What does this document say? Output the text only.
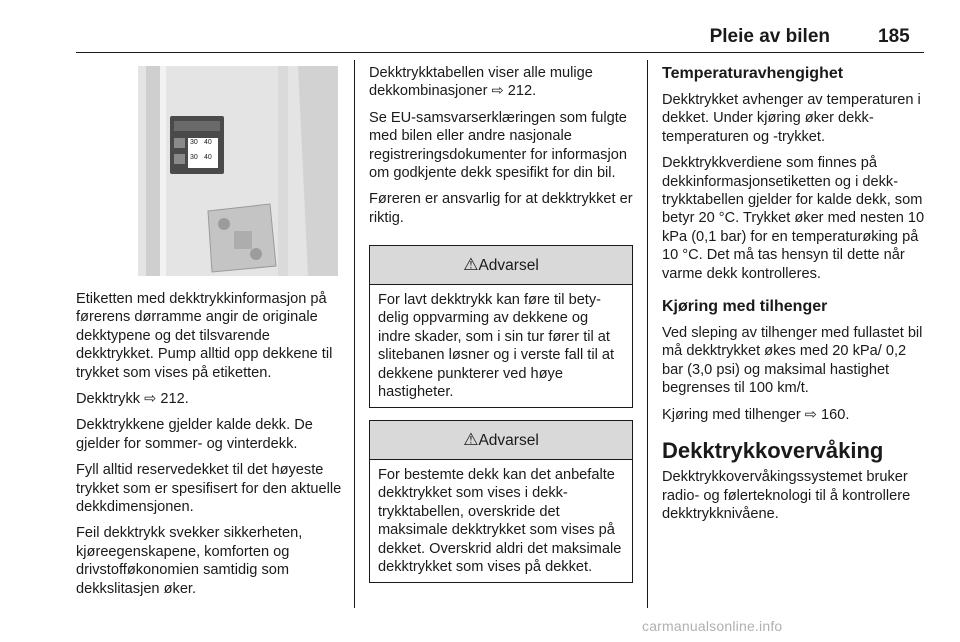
Pleie av bilen	185
30 40
30 40

Etiketten med dekktrykkinformasjon på førerens dørramme angir de originale dekktypene og det tilsvarende dekktrykket. Pump alltid opp dekkene til trykket som vises på etiketten.

Dekktrykk ⇨ 212.

Dekktrykkene gjelder kalde dekk. De gjelder for sommer- og vinterdekk.

Fyll alltid reservedekket til det høyeste trykket som er spesifisert for den aktuelle dekkdimensjonen.

Feil dekktrykk svekker sikkerheten, kjøreegenskapene, komforten og drivstofføkonomien samtidig som dekkslitasjen øker.

Dekktrykktabellen viser alle mulige dekkombinasjoner ⇨ 212.

Se EU-samsvarserklæringen som fulgte med bilen eller andre nasjonale registreringsdokumenter for informasjon om godkjente dekk spesifikt for din bil.

Føreren er ansvarlig for at dekktrykket er riktig.

⚠Advarsel
For lavt dekktrykk kan føre til betydelig oppvarming av dekkene og indre skader, som i sin tur fører til at slitebanen løsner og i verste fall til at dekkene punkterer ved høye hastigheter.
⚠Advarsel
For bestemte dekk kan det anbefalte dekktrykket som vises i dekktrykktabellen, overskride det maksimale dekktrykket som vises på dekket. Overskrid aldri det maksimale dekktrykket som vises på dekket.
Temperaturavhengighet

Dekktrykket avhenger av temperaturen i dekket. Under kjøring øker dekktemperaturen og -trykket.

Dekktrykkverdiene som finnes på dekkinformasjonsetiketten og i dekktrykktabellen gjelder for kalde dekk, som betyr 20 °C. Trykket øker med nesten 10 kPa (0,1 bar) for en temperaturøking på 10 °C. Det må tas hensyn til dette når varme dekk kontrolleres.

Kjøring med tilhenger

Ved sleping av tilhenger med fullastet bil må dekktrykket økes med 20 kPa/ 0,2 bar (3,0 psi) og maksimal hastighet begrenses til 100 km/t.

Kjøring med tilhenger ⇨ 160.

Dekktrykkovervåking

Dekktrykkovervåkingssystemet bruker radio- og følerteknologi til å kontrollere dekktrykknivåene.

carmanualsonline.info
